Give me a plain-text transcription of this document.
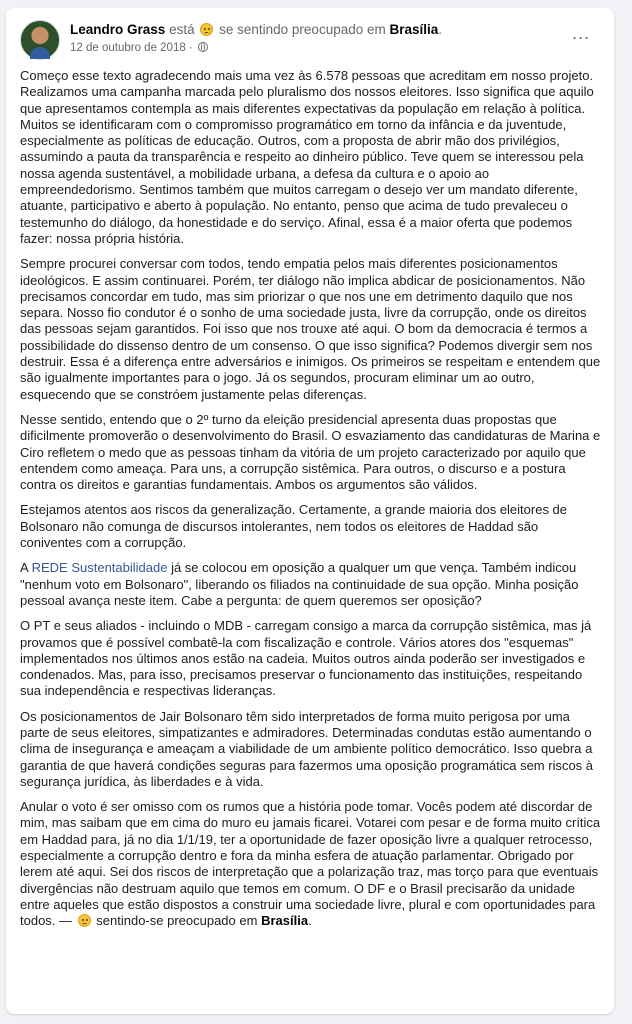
Leandro Grass está se sentindo preocupado em Brasília.
12 de outubro de 2018 ·
...

Começo esse texto agradecendo mais uma vez às 6.578 pessoas que acreditam em nosso projeto. Realizamos uma campanha marcada pelo pluralismo dos nossos eleitores. Isso significa que aquilo que apresentamos contempla as mais diferentes expectativas da população em relação à política. Muitos se identificaram com o compromisso programático em torno da infância e da juventude, especialmente as políticas de educação. Outros, com a proposta de abrir mão dos privilégios, assumindo a pauta da transparência e respeito ao dinheiro público. Teve quem se interessou pela nossa agenda sustentável, a mobilidade urbana, a defesa da cultura e o apoio ao empreendedorismo. Sentimos também que muitos carregam o desejo ver um mandato diferente, atuante, participativo e aberto à população. No entanto, penso que acima de tudo prevaleceu o testemunho do diálogo, da honestidade e do serviço. Afinal, essa é a maior oferta que podemos fazer: nossa própria história.

Sempre procurei conversar com todos, tendo empatia pelos mais diferentes posicionamentos ideológicos. E assim continuarei. Porém, ter diálogo não implica abdicar de posicionamentos. Não precisamos concordar em tudo, mas sim priorizar o que nos une em detrimento daquilo que nos separa. Nosso fio condutor é o sonho de uma sociedade justa, livre da corrupção, onde os direitos das pessoas sejam garantidos. Foi isso que nos trouxe até aqui. O bom da democracia é termos a possibilidade do dissenso dentro de um consenso. O que isso significa? Podemos divergir sem nos destruir. Essa é a diferença entre adversários e inimigos. Os primeiros se respeitam e entendem que são igualmente importantes para o jogo. Já os segundos, procuram eliminar um ao outro, esquecendo que se constróem justamente pelas diferenças.

Nesse sentido, entendo que o 2º turno da eleição presidencial apresenta duas propostas que dificilmente promoverão o desenvolvimento do Brasil. O esvaziamento das candidaturas de Marina e Ciro refletem o medo que as pessoas tinham da vitória de um projeto caracterizado por aquilo que entendem como ameaça. Para uns, a corrupção sistêmica. Para outros, o discurso e a postura contra os direitos e garantias fundamentais. Ambos os argumentos são válidos.

Estejamos atentos aos riscos da generalização. Certamente, a grande maioria dos eleitores de Bolsonaro não comunga de discursos intolerantes, nem todos os eleitores de Haddad são coniventes com a corrupção.

A REDE Sustentabilidade já se colocou em oposição a qualquer um que vença. Também indicou "nenhum voto em Bolsonaro", liberando os filiados na continuidade de sua opção. Minha posição pessoal avança neste item. Cabe a pergunta: de quem queremos ser oposição?

O PT e seus aliados - incluindo o MDB - carregam consigo a marca da corrupção sistêmica, mas já provamos que é possível combatê-la com fiscalização e controle. Vários atores dos "esquemas" implementados nos últimos anos estão na cadeia. Muitos outros ainda poderão ser investigados e condenados. Mas, para isso, precisamos preservar o funcionamento das instituições, respeitando sua independência e respectivas lideranças.

Os posicionamentos de Jair Bolsonaro têm sido interpretados de forma muito perigosa por uma parte de seus eleitores, simpatizantes e admiradores. Determinadas condutas estão aumentando o clima de insegurança e ameaçam a viabilidade de um ambiente político democrático. Isso quebra a garantia de que haverá condições seguras para fazermos uma oposição programática sem riscos à segurança jurídica, às liberdades e à vida.

Anular o voto é ser omisso com os rumos que a história pode tomar. Vocês podem até discordar de mim, mas saibam que em cima do muro eu jamais ficarei. Votarei com pesar e de forma muito crítica em Haddad para, já no dia 1/1/19, ter a oportunidade de fazer oposição livre a qualquer retrocesso, especialmente a corrupção dentro e fora da minha esfera de atuação parlamentar. Obrigado por lerem até aqui. Sei dos riscos de interpretação que a polarização traz, mas torço para que eventuais divergências não destruam aquilo que temos em comum. O DF e o Brasil precisarão da unidade entre aqueles que estão dispostos a construir uma sociedade livre, plural e com oportunidades para todos. — sentindo-se preocupado em Brasília.
